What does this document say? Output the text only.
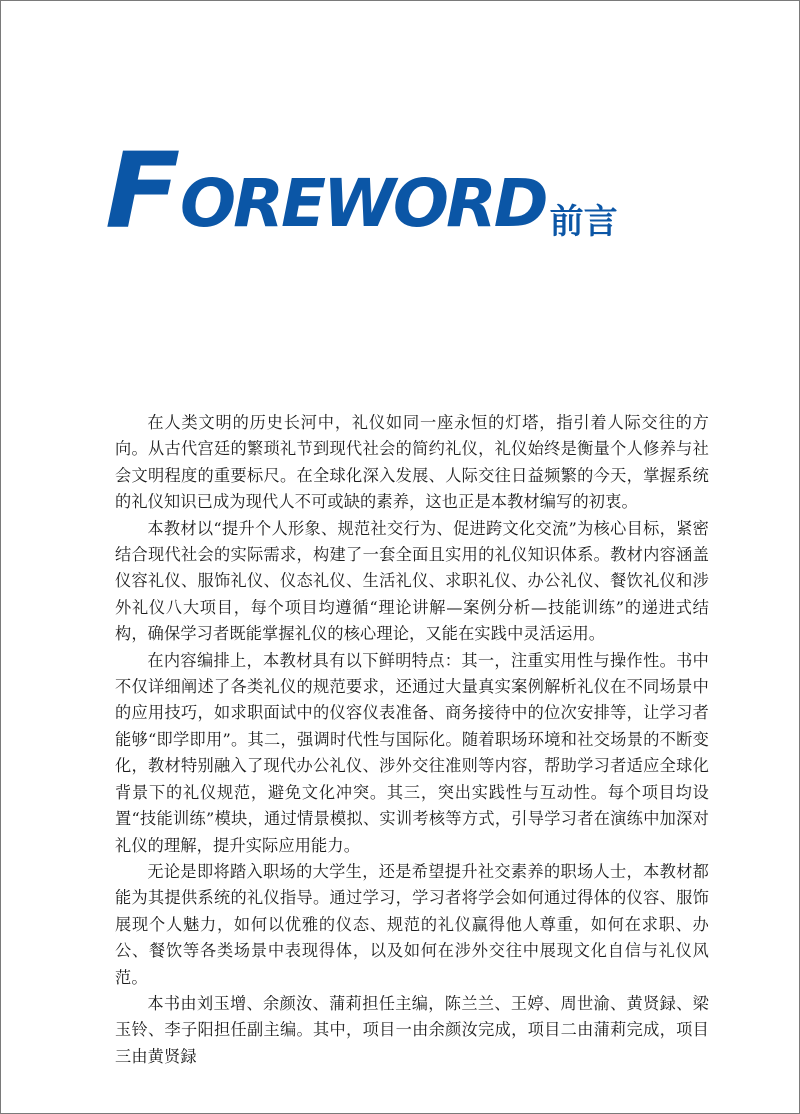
F OREWORD 前言

在人类文明的历史长河中，礼仪如同一座永恒的灯塔，指引着人际交往的方向。从古代宫廷的繁琐礼节到现代社会的简约礼仪，礼仪始终是衡量个人修养与社会文明程度的重要标尺。在全球化深入发展、人际交往日益频繁的今天，掌握系统的礼仪知识已成为现代人不可或缺的素养，这也正是本教材编写的初衷。

本教材以“提升个人形象、规范社交行为、促进跨文化交流”为核心目标，紧密结合现代社会的实际需求，构建了一套全面且实用的礼仪知识体系。教材内容涵盖仪容礼仪、服饰礼仪、仪态礼仪、生活礼仪、求职礼仪、办公礼仪、餐饮礼仪和涉外礼仪八大项目，每个项目均遵循“理论讲解—案例分析—技能训练”的递进式结构，确保学习者既能掌握礼仪的核心理论，又能在实践中灵活运用。

在内容编排上，本教材具有以下鲜明特点：其一，注重实用性与操作性。书中不仅详细阐述了各类礼仪的规范要求，还通过大量真实案例解析礼仪在不同场景中的应用技巧，如求职面试中的仪容仪表准备、商务接待中的位次安排等，让学习者能够“即学即用”。其二，强调时代性与国际化。随着职场环境和社交场景的不断变化，教材特别融入了现代办公礼仪、涉外交往准则等内容，帮助学习者适应全球化背景下的礼仪规范，避免文化冲突。其三，突出实践性与互动性。每个项目均设置“技能训练”模块，通过情景模拟、实训考核等方式，引导学习者在演练中加深对礼仪的理解，提升实际应用能力。

无论是即将踏入职场的大学生，还是希望提升社交素养的职场人士，本教材都能为其提供系统的礼仪指导。通过学习，学习者将学会如何通过得体的仪容、服饰展现个人魅力，如何以优雅的仪态、规范的礼仪赢得他人尊重，如何在求职、办公、餐饮等各类场景中表现得体，以及如何在涉外交往中展现文化自信与礼仪风范。

本书由刘玉增、余颜汝、蒲莉担任主编，陈兰兰、王婷、周世渝、黄贤録、梁玉铃、李子阳担任副主编。其中，项目一由余颜汝完成，项目二由蒲莉完成，项目三由黄贤録
